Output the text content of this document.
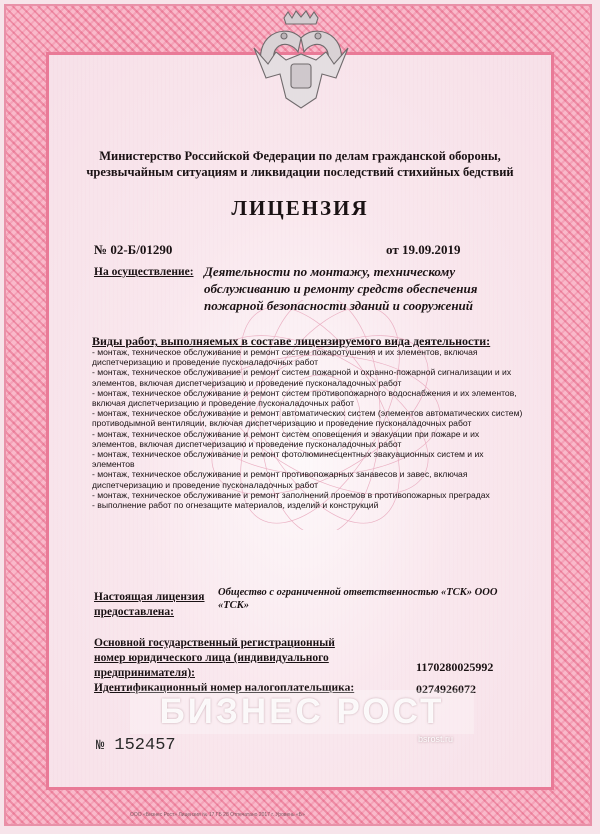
Министерство Российской Федерации по делам гражданской обороны, чрезвычайным ситуациям и ликвидации последствий стихийных бедствий
ЛИЦЕНЗИЯ
№ 02-Б/01290	от 19.09.2019
На осуществление: Деятельности по монтажу, техническому обслуживанию и ремонту средств обеспечения пожарной безопасности зданий и сооружений
Виды работ, выполняемых в составе лицензируемого вида деятельности:
- монтаж, техническое обслуживание и ремонт систем пожаротушения и их элементов, включая диспетчеризацию и проведение пусконаладочных работ
- монтаж, техническое обслуживание и ремонт систем пожарной и охранно-пожарной сигнализации и их элементов, включая диспетчеризацию и проведение пусконаладочных работ
- монтаж, техническое обслуживание и ремонт систем противопожарного водоснабжения и их элементов, включая диспетчеризацию и проведение пусконаладочных работ
- монтаж, техническое обслуживание и ремонт автоматических систем (элементов автоматических систем) противодымной вентиляции, включая диспетчеризацию и проведение пусконаладочных работ
- монтаж, техническое обслуживание и ремонт систем оповещения и эвакуации при пожаре и их элементов, включая диспетчеризацию и проведение пусконаладочных работ
- монтаж, техническое обслуживание и ремонт фотолюминесцентных эвакуационных систем и их элементов
- монтаж, техническое обслуживание и ремонт противопожарных занавесов и завес, включая диспетчеризацию и проведение пусконаладочных работ
- монтаж, техническое обслуживание и ремонт заполнений проемов в противопожарных преградах
- выполнение работ по огнезащите материалов, изделий и конструкций
Настоящая лицензия предоставлена:
Общество с ограниченной ответственностью «ТСК» ООО «ТСК»
Основной государственный регистрационный номер юридического лица (индивидуального предпринимателя):	1170280025992
Идентификационный номер налогоплательщика:	0274926072
БИЗНЕС РОСТ
bsrost.ru
№ 152457
ООО «Бизнес Рост» Лицензия № 17 ГБ 28 Отпечатано 2017 г. Уровень «Б»
